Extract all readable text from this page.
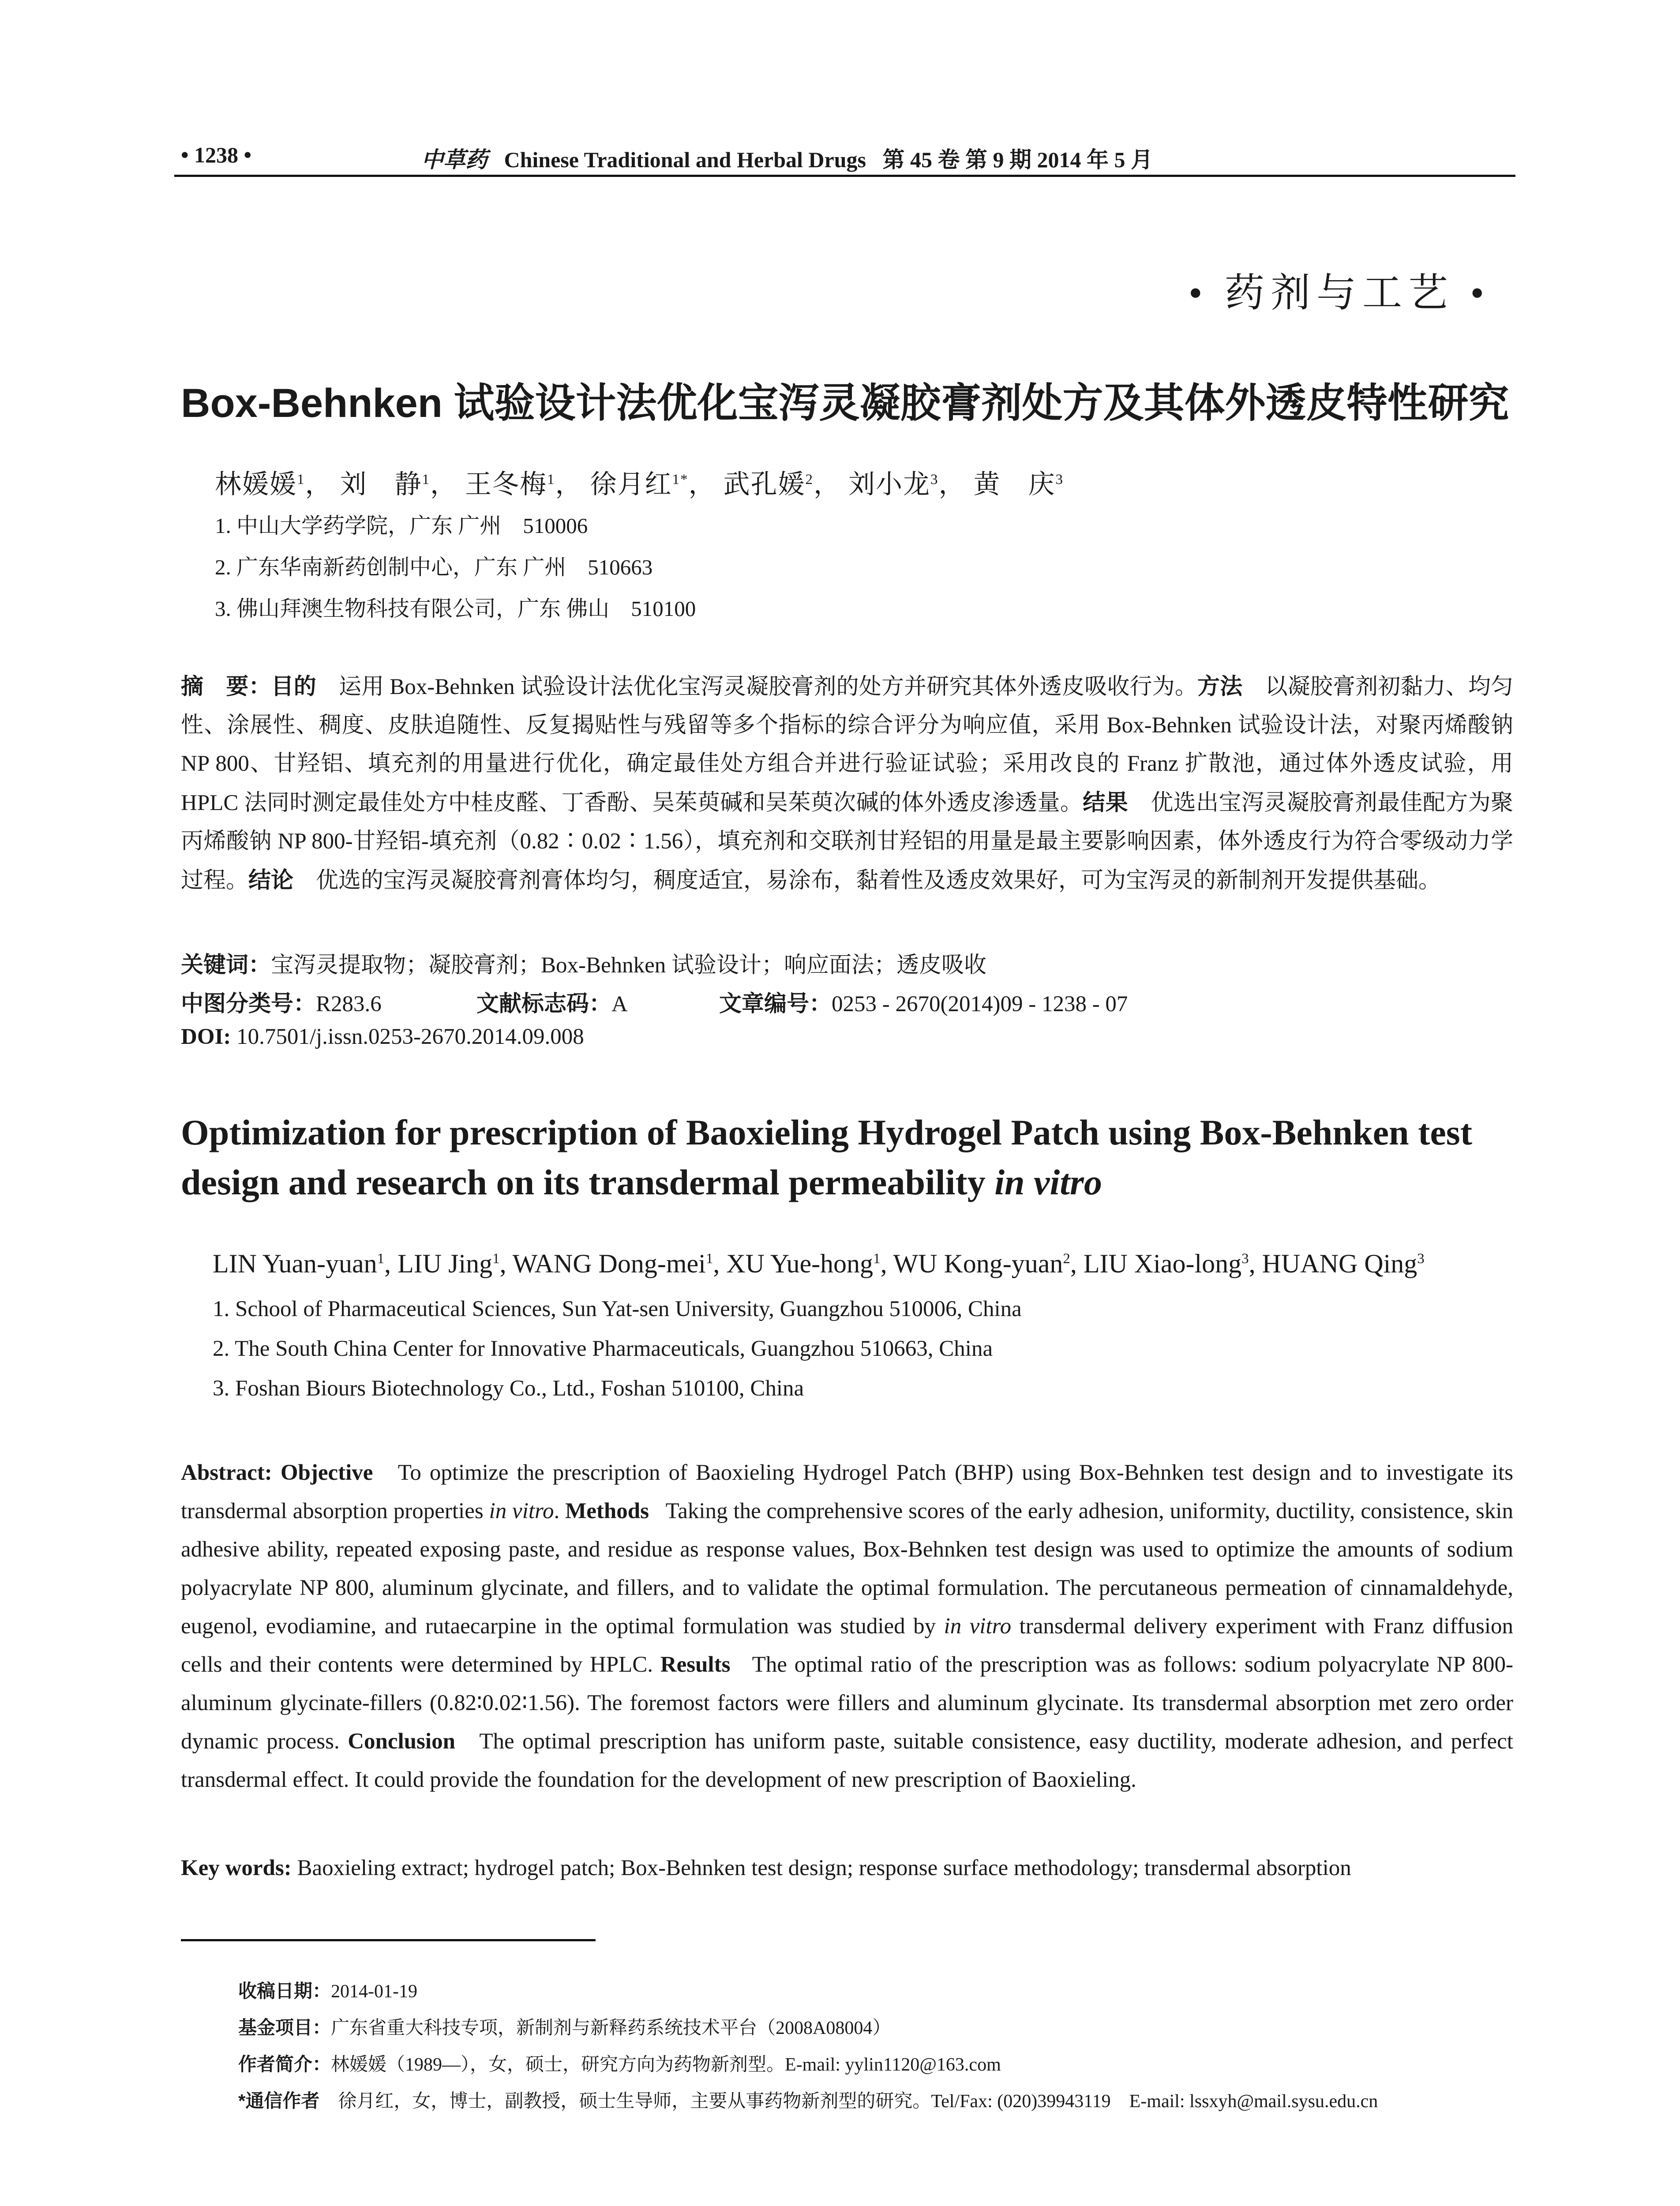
• 1238 •	中草药 Chinese Traditional and Herbal Drugs 第 45 卷 第 9 期 2014 年 5 月
• 药剂与工艺 •
Box-Behnken 试验设计法优化宝泻灵凝胶膏剂处方及其体外透皮特性研究
林媛媛$^1$， 刘　静$^1$， 王冬梅$^1$， 徐月红$^{1*}$， 武孔媛$^2$， 刘小龙$^3$， 黄　庆$^3$
1. 中山大学药学院，广东 广州　510006
2. 广东华南新药创制中心，广东 广州　510663
3. 佛山拜澳生物科技有限公司，广东 佛山　510100
摘　要：目的　运用 Box-Behnken 试验设计法优化宝泻灵凝胶膏剂的处方并研究其体外透皮吸收行为。方法　以凝胶膏剂初黏力、均匀性、涂展性、稠度、皮肤追随性、反复揭贴性与残留等多个指标的综合评分为响应值，采用 Box-Behnken 试验设计法，对聚丙烯酸钠 NP 800、甘羟铝、填充剂的用量进行优化，确定最佳处方组合并进行验证试验；采用改良的 Franz 扩散池，通过体外透皮试验，用 HPLC 法同时测定最佳处方中桂皮醛、丁香酚、吴茱萸碱和吴茱萸次碱的体外透皮渗透量。结果　优选出宝泻灵凝胶膏剂最佳配方为聚丙烯酸钠 NP 800-甘羟铝-填充剂（0.82∶0.02∶1.56），填充剂和交联剂甘羟铝的用量是最主要影响因素，体外透皮行为符合零级动力学过程。结论　优选的宝泻灵凝胶膏剂膏体均匀，稠度适宜，易涂布，黏着性及透皮效果好，可为宝泻灵的新制剂开发提供基础。
关键词：宝泻灵提取物；凝胶膏剂；Box-Behnken 试验设计；响应面法；透皮吸收
中图分类号：R283.6	文献标志码：A	文章编号：0253 - 2670(2014)09 - 1238 - 07
DOI: 10.7501/j.issn.0253-2670.2014.09.008
Optimization for prescription of Baoxieling Hydrogel Patch using Box-Behnken test design and research on its transdermal permeability in vitro
LIN Yuan-yuan$^1$, LIU Jing$^1$, WANG Dong-mei$^1$, XU Yue-hong$^1$, WU Kong-yuan$^2$, LIU Xiao-long$^3$, HUANG Qing$^3$
1. School of Pharmaceutical Sciences, Sun Yat-sen University, Guangzhou 510006, China
2. The South China Center for Innovative Pharmaceuticals, Guangzhou 510663, China
3. Foshan Biours Biotechnology Co., Ltd., Foshan 510100, China
Abstract: Objective To optimize the prescription of Baoxieling Hydrogel Patch (BHP) using Box-Behnken test design and to investigate its transdermal absorption properties in vitro. Methods Taking the comprehensive scores of the early adhesion, uniformity, ductility, consistence, skin adhesive ability, repeated exposing paste, and residue as response values, Box-Behnken test design was used to optimize the amounts of sodium polyacrylate NP 800, aluminum glycinate, and fillers, and to validate the optimal formulation. The percutaneous permeation of cinnamaldehyde, eugenol, evodiamine, and rutaecarpine in the optimal formulation was studied by in vitro transdermal delivery experiment with Franz diffusion cells and their contents were determined by HPLC. Results The optimal ratio of the prescription was as follows: sodium polyacrylate NP 800-aluminum glycinate-fillers (0.82∶0.02∶1.56). The foremost factors were fillers and aluminum glycinate. Its transdermal absorption met zero order dynamic process. Conclusion The optimal prescription has uniform paste, suitable consistence, easy ductility, moderate adhesion, and perfect transdermal effect. It could provide the foundation for the development of new prescription of Baoxieling.
Key words: Baoxieling extract; hydrogel patch; Box-Behnken test design; response surface methodology; transdermal absorption
收稿日期：2014-01-19
基金项目：广东省重大科技专项，新制剂与新释药系统技术平台（2008A08004）
作者简介：林媛媛（1989—），女，硕士，研究方向为药物新剂型。E-mail: yylin1120@163.com
*通信作者　徐月红，女，博士，副教授，硕士生导师，主要从事药物新剂型的研究。Tel/Fax: (020)39943119　E-mail: lssxyh@mail.sysu.edu.cn
